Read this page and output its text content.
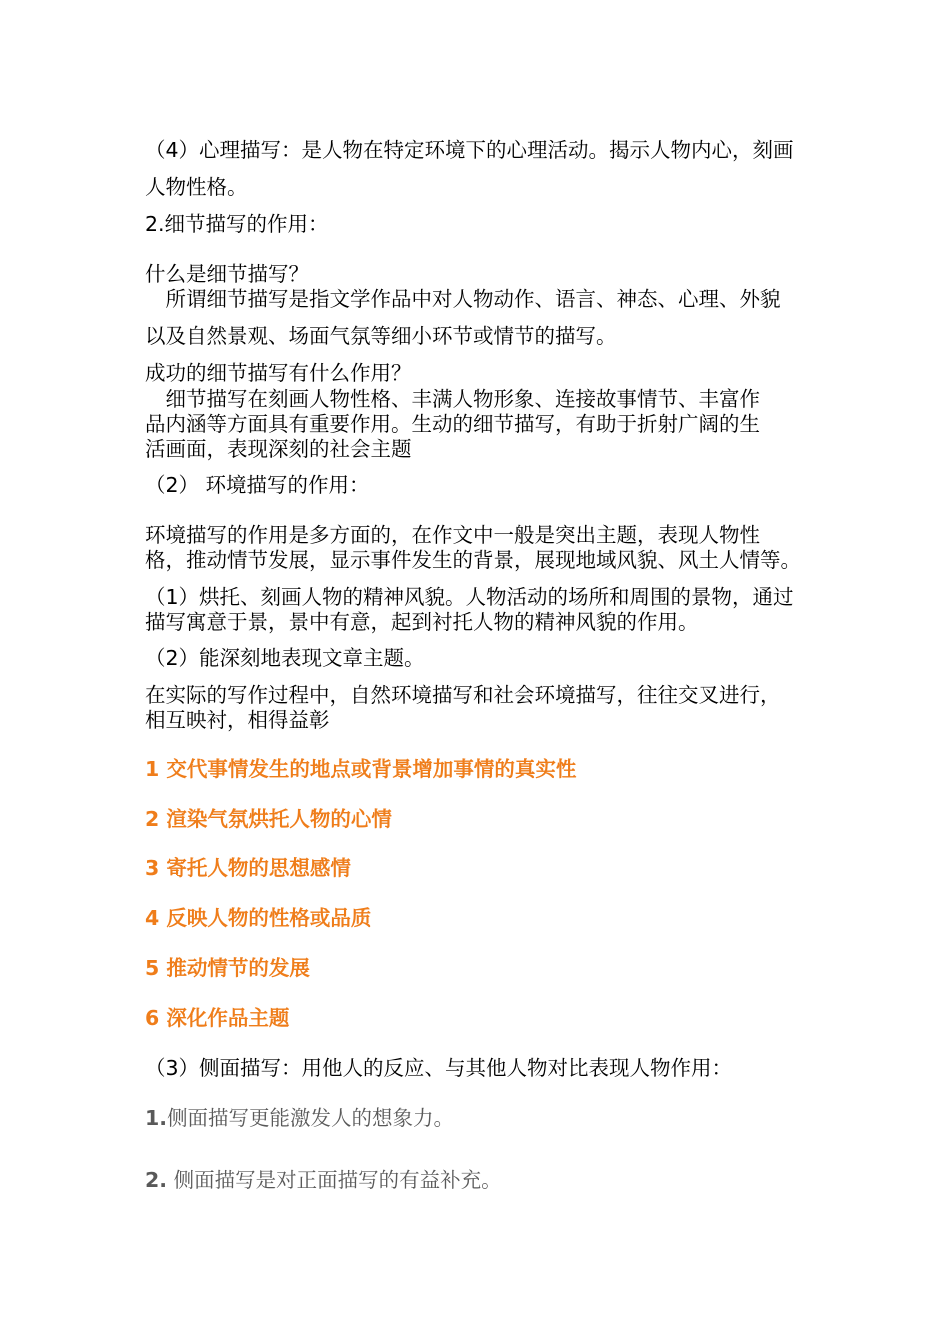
（4）心理描写：是人物在特定环境下的心理活动。揭示人物内心，刻画
人物性格。
2.细节描写的作用：
什么是细节描写？
　所谓细节描写是指文学作品中对人物动作、语言、神态、心理、外貌
以及自然景观、场面气氛等细小环节或情节的描写。
成功的细节描写有什么作用？
　细节描写在刻画人物性格、丰满人物形象、连接故事情节、丰富作
品内涵等方面具有重要作用。生动的细节描写，有助于折射广阔的生
活画面，表现深刻的社会主题
（2） 环境描写的作用：
环境描写的作用是多方面的，在作文中一般是突出主题，表现人物性
格，推动情节发展，显示事件发生的背景，展现地域风貌、风土人情等。
（1）烘托、刻画人物的精神风貌。人物活动的场所和周围的景物，通过
描写寓意于景，景中有意，起到衬托人物的精神风貌的作用。
（2）能深刻地表现文章主题。
在实际的写作过程中，自然环境描写和社会环境描写，往往交叉进行，
相互映衬，相得益彰
1 交代事情发生的地点或背景增加事情的真实性
2 渲染气氛烘托人物的心情
3 寄托人物的思想感情
4 反映人物的性格或品质
5 推动情节的发展
6 深化作品主题
（3）侧面描写：用他人的反应、与其他人物对比表现人物作用：
1.侧面描写更能激发人的想象力。
2. 侧面描写是对正面描写的有益补充。
